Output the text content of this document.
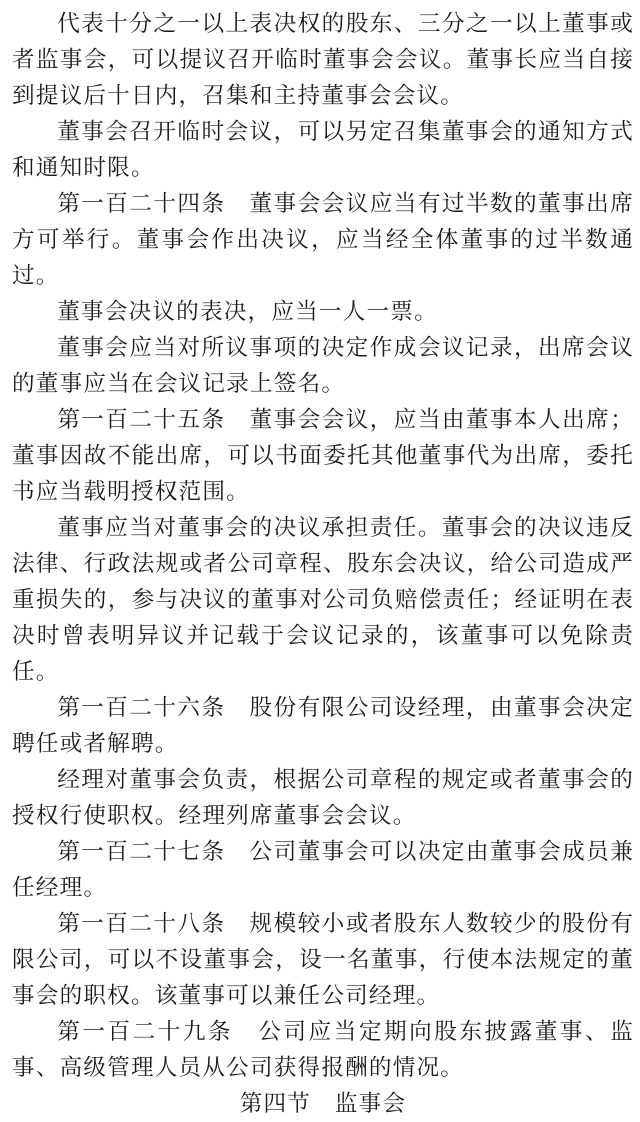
代表十分之一以上表决权的股东、三分之一以上董事或者监事会，可以提议召开临时董事会会议。董事长应当自接到提议后十日内，召集和主持董事会会议。

董事会召开临时会议，可以另定召集董事会的通知方式和通知时限。

第一百二十四条　董事会会议应当有过半数的董事出席方可举行。董事会作出决议，应当经全体董事的过半数通过。

董事会决议的表决，应当一人一票。

董事会应当对所议事项的决定作成会议记录，出席会议的董事应当在会议记录上签名。

第一百二十五条　董事会会议，应当由董事本人出席；董事因故不能出席，可以书面委托其他董事代为出席，委托书应当载明授权范围。

董事应当对董事会的决议承担责任。董事会的决议违反法律、行政法规或者公司章程、股东会决议，给公司造成严重损失的，参与决议的董事对公司负赔偿责任；经证明在表决时曾表明异议并记载于会议记录的，该董事可以免除责任。

第一百二十六条　股份有限公司设经理，由董事会决定聘任或者解聘。

经理对董事会负责，根据公司章程的规定或者董事会的授权行使职权。经理列席董事会会议。

第一百二十七条　公司董事会可以决定由董事会成员兼任经理。

第一百二十八条　规模较小或者股东人数较少的股份有限公司，可以不设董事会，设一名董事，行使本法规定的董事会的职权。该董事可以兼任公司经理。

第一百二十九条　公司应当定期向股东披露董事、监事、高级管理人员从公司获得报酬的情况。

第四节　监事会
